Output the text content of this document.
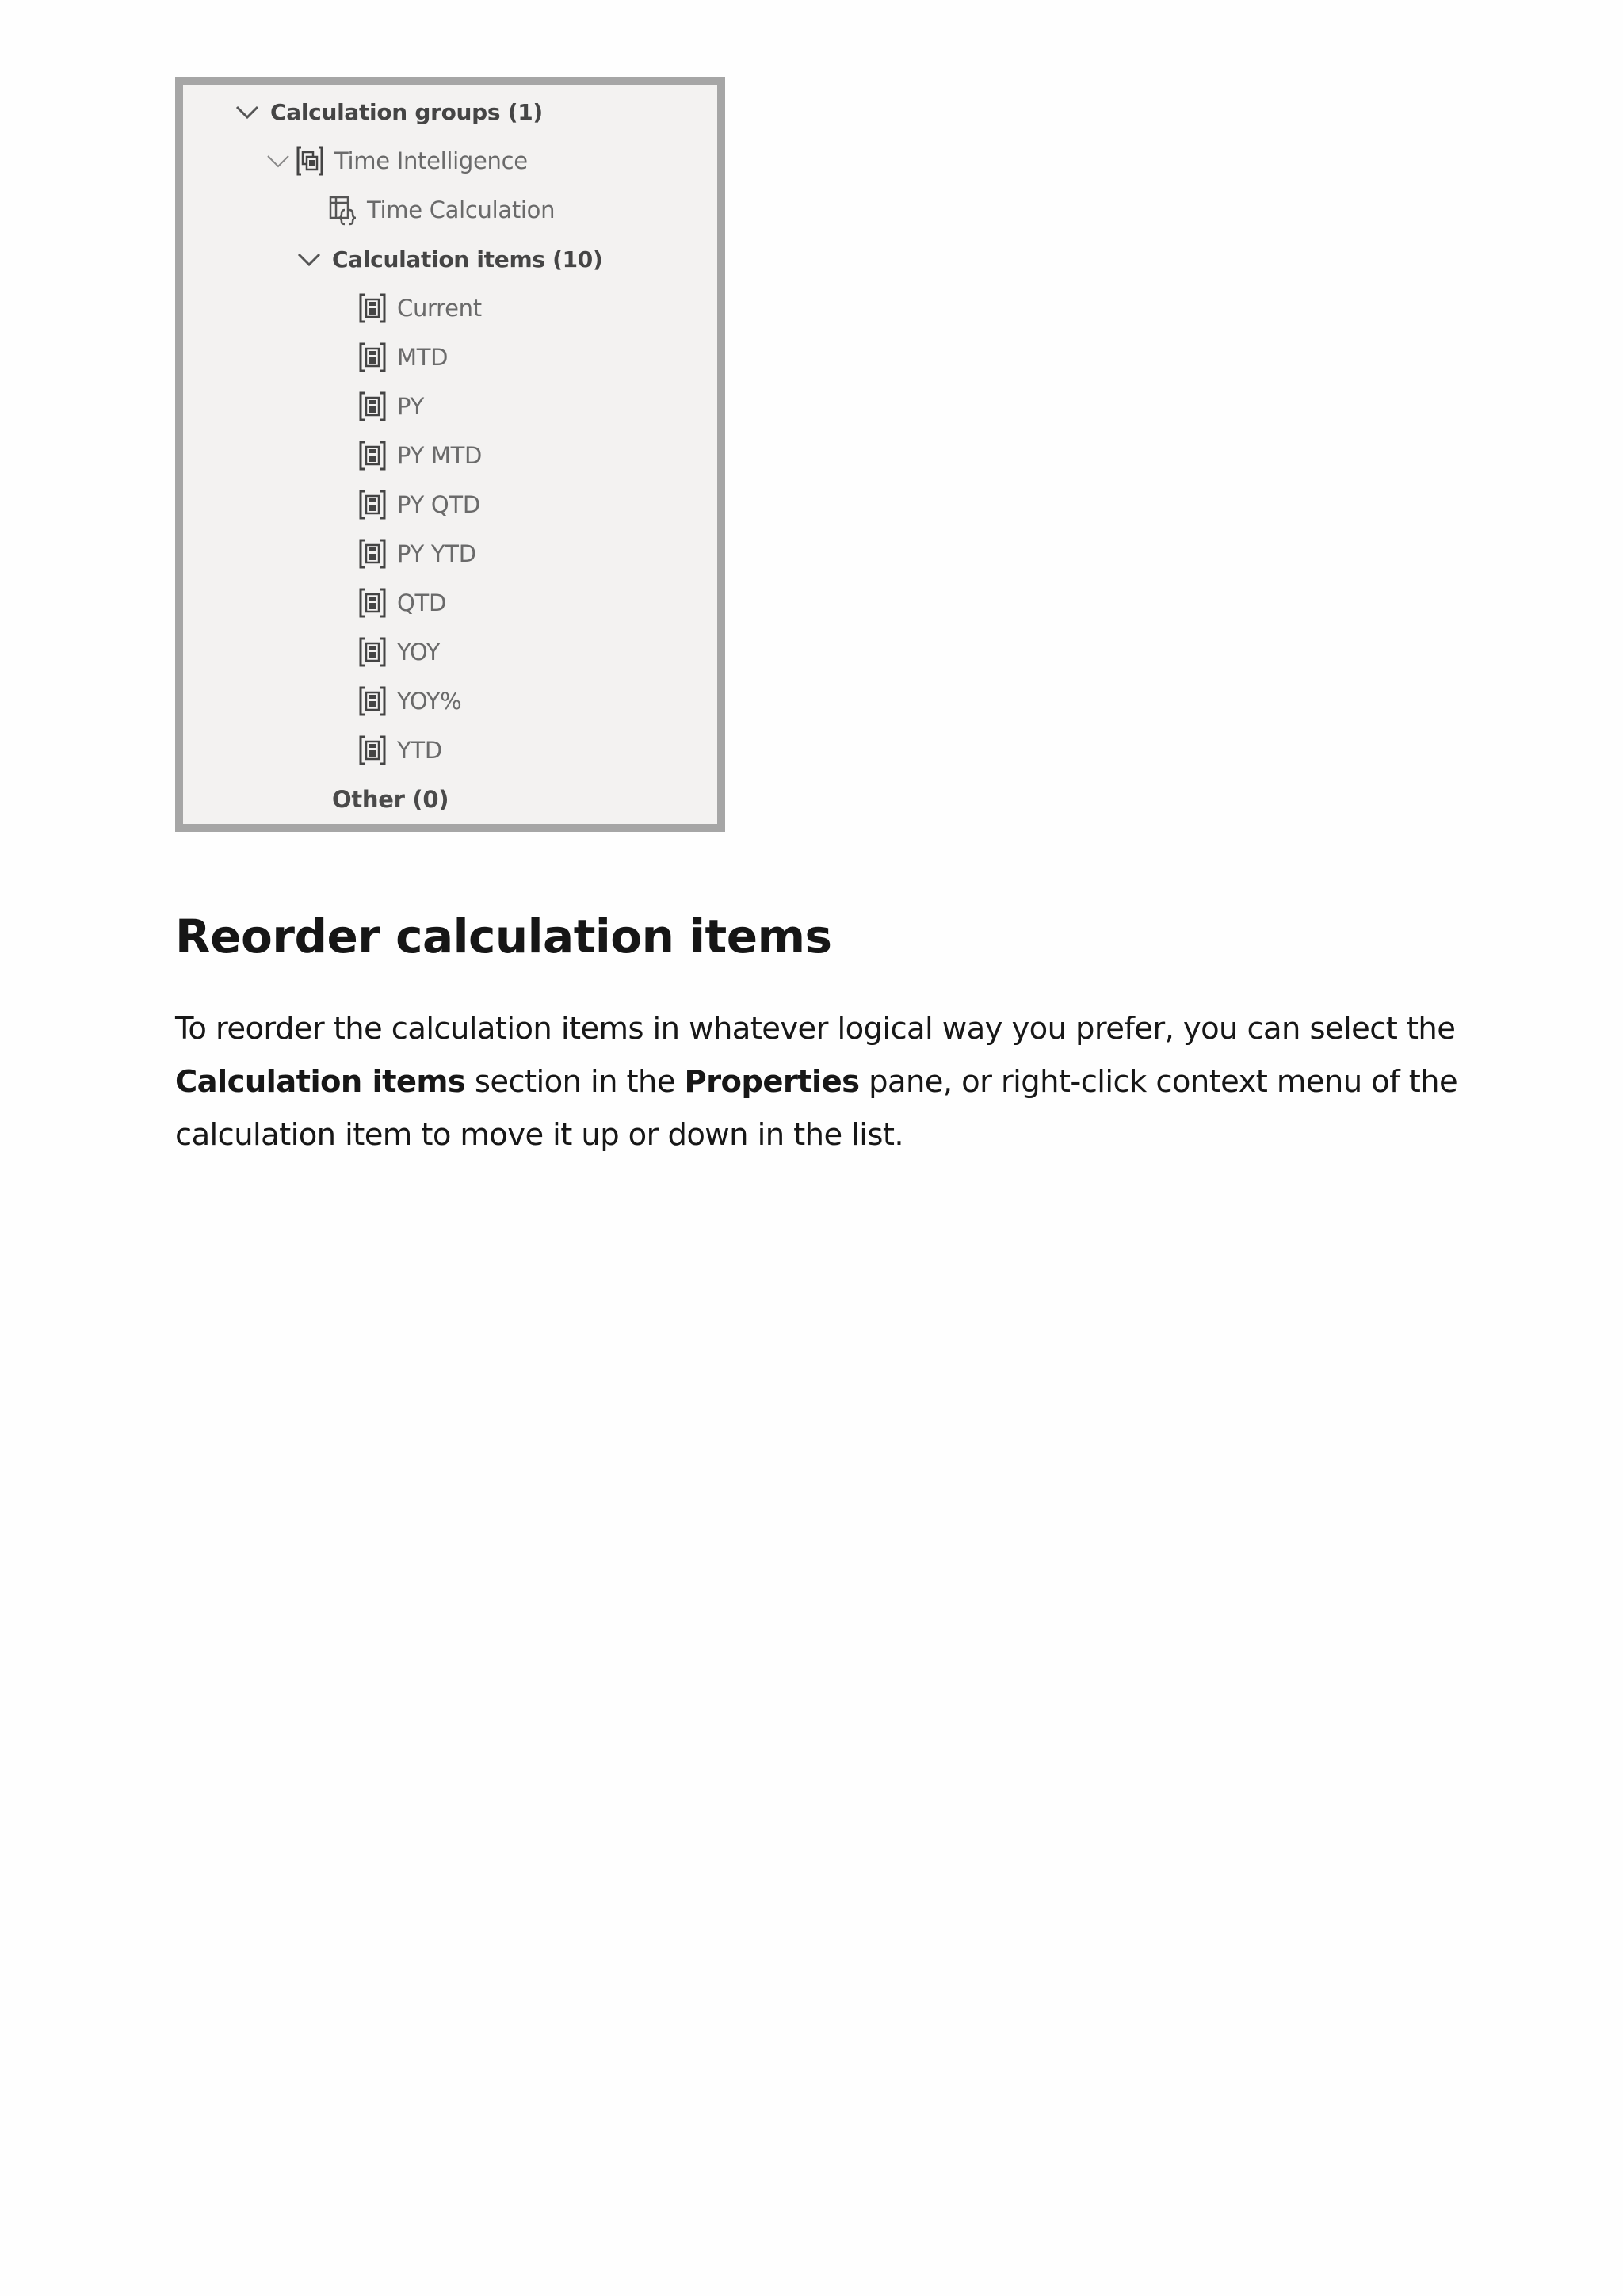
Calculation groups (1)
Time Intelligence
Time Calculation
Calculation items (10)
Current
MTD
PY
PY MTD
PY QTD
PY YTD
QTD
YOY
YOY%
YTD
Other (0)
Reorder calculation items

To reorder the calculation items in whatever logical way you prefer, you can select the Calculation items section in the Properties pane, or right-click context menu of the calculation item to move it up or down in the list.
